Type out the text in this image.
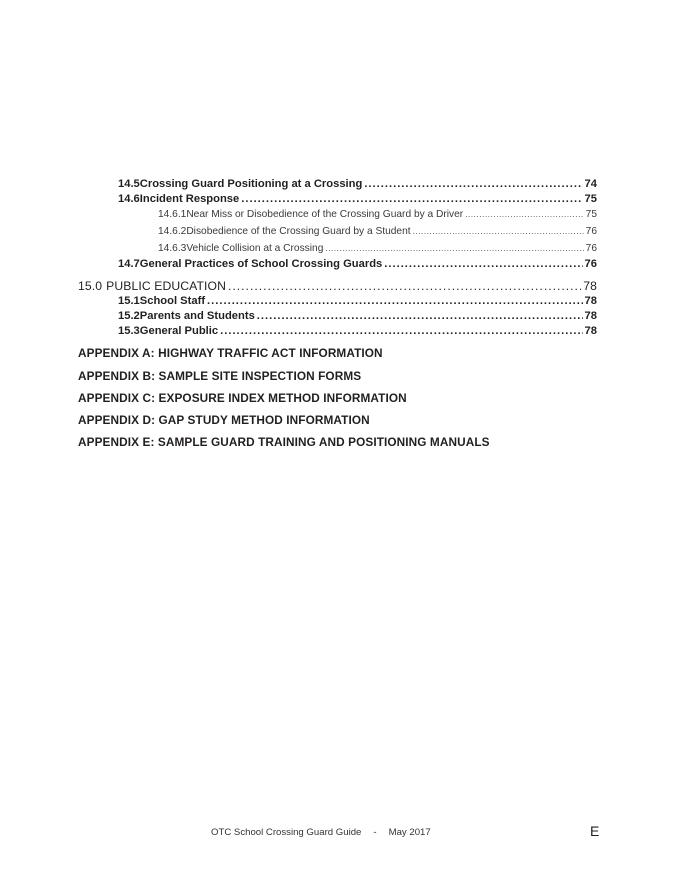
14.5 Crossing Guard Positioning at a Crossing .....	74
14.6 Incident Response .....	75
14.6.1 Near Miss or Disobedience of the Crossing Guard by a Driver .....	75
14.6.2 Disobedience of the Crossing Guard by a Student .....	76
14.6.3 Vehicle Collision at a Crossing .....	76
14.7 General Practices of School Crossing Guards .....	76
15.0 PUBLIC EDUCATION .....	78
15.1 School Staff .....	78
15.2 Parents and Students .....	78
15.3 General Public .....	78
APPENDIX A: HIGHWAY TRAFFIC ACT INFORMATION
APPENDIX B: SAMPLE SITE INSPECTION FORMS
APPENDIX C: EXPOSURE INDEX METHOD INFORMATION
APPENDIX D: GAP STUDY METHOD INFORMATION
APPENDIX E: SAMPLE GUARD TRAINING AND POSITIONING MANUALS
OTC School Crossing Guard Guide - May 2017	E
